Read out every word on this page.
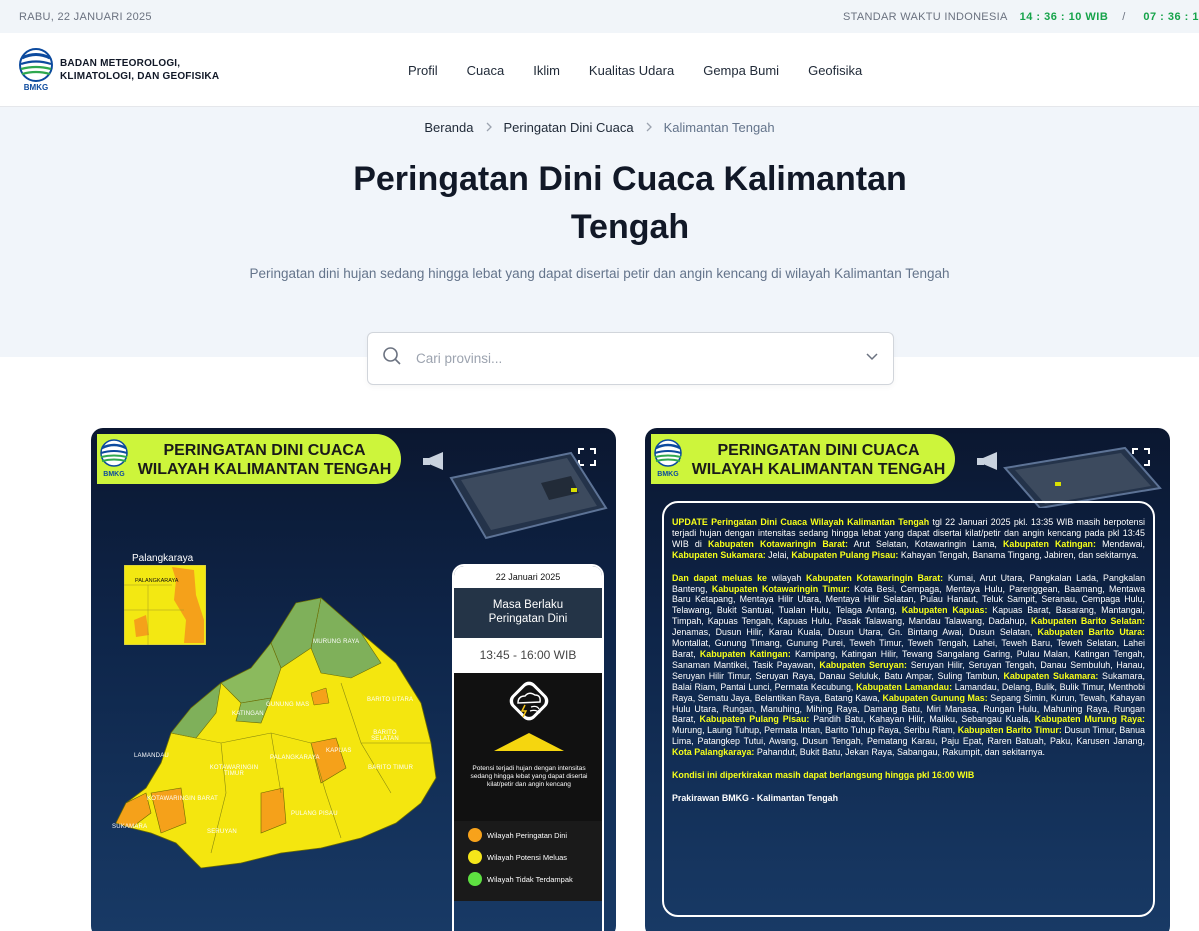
RABU, 22 JANUARI 2025	STANDAR WAKTU INDONESIA 14 : 36 : 10 WIB / 07 : 36 : 1
BMKG
BADAN METEOROLOGI,
KLIMATOLOGI, DAN GEOFISIKA	Profil Cuaca Iklim Kualitas Udara Gempa Bumi Geofisika
Beranda Peringatan Dini Cuaca Kalimantan Tengah
Peringatan Dini Cuaca Kalimantan Tengah

Peringatan dini hujan sedang hingga lebat yang dapat disertai petir dan angin kencang di wilayah Kalimantan Tengah

Cari provinsi...
BMKG
PERINGATAN DINI CUACA
WILAYAH KALIMANTAN TENGAH
Palangkaraya
PALANGKARAYA
MURUNG RAYA
GUNUNG MAS
BARITO UTARA
KATINGAN
BARITO SELATAN
KAPUAS
LAMANDAU	PALANGKARAYA
KOTAWARINGIN TIMUR
BARITO TIMUR
KOTAWARINGIN BARAT
SUKAMARA
PULANG PISAU
SERUYAN
22 Januari 2025
Masa Berlaku
Peringatan Dini
13:45 - 16:00 WIB
Potensi terjadi hujan dengan intensitas sedang hingga lebat yang dapat disertai kilat/petir dan angin kencang
Wilayah Peringatan Dini
Wilayah Potensi Meluas
Wilayah Tidak Terdampak
BMKG
PERINGATAN DINI CUACA
WILAYAH KALIMANTAN TENGAH

UPDATE Peringatan Dini Cuaca Wilayah Kalimantan Tengah tgl 22 Januari 2025 pkl. 13:35 WIB masih berpotensi terjadi hujan dengan intensitas sedang hingga lebat yang dapat disertai kilat/petir dan angin kencang pada pkl 13:45 WIB di Kabupaten Kotawaringin Barat: Arut Selatan, Kotawaringin Lama, Kabupaten Katingan: Mendawai, Kabupaten Sukamara: Jelai, Kabupaten Pulang Pisau: Kahayan Tengah, Banama Tingang, Jabiren, dan sekitarnya.

Dan dapat meluas ke wilayah Kabupaten Kotawaringin Barat: Kumai, Arut Utara, Pangkalan Lada, Pangkalan Banteng, Kabupaten Kotawaringin Timur: Kota Besi, Cempaga, Mentaya Hulu, Parenggean, Baamang, Mentawa Baru Ketapang, Mentaya Hilir Utara, Mentaya Hilir Selatan, Pulau Hanaut, Teluk Sampit, Seranau, Cempaga Hulu, Telawang, Bukit Santuai, Tualan Hulu, Telaga Antang, Kabupaten Kapuas: Kapuas Barat, Basarang, Mantangai, Timpah, Kapuas Tengah, Kapuas Hulu, Pasak Talawang, Mandau Talawang, Dadahup, Kabupaten Barito Selatan: Jenamas, Dusun Hilir, Karau Kuala, Dusun Utara, Gn. Bintang Awai, Dusun Selatan, Kabupaten Barito Utara: Montallat, Gunung Timang, Gunung Purei, Teweh Timur, Teweh Tengah, Lahei, Teweh Baru, Teweh Selatan, Lahei Barat, Kabupaten Katingan: Kamipang, Katingan Hilir, Tewang Sangalang Garing, Pulau Malan, Katingan Tengah, Sanaman Mantikei, Tasik Payawan, Kabupaten Seruyan: Seruyan Hilir, Seruyan Tengah, Danau Sembuluh, Hanau, Seruyan Hilir Timur, Seruyan Raya, Danau Seluluk, Batu Ampar, Suling Tambun, Kabupaten Sukamara: Sukamara, Balai Riam, Pantai Lunci, Permata Kecubung, Kabupaten Lamandau: Lamandau, Delang, Bulik, Bulik Timur, Menthobi Raya, Sematu Jaya, Belantikan Raya, Batang Kawa, Kabupaten Gunung Mas: Sepang Simin, Kurun, Tewah, Kahayan Hulu Utara, Rungan, Manuhing, Mihing Raya, Damang Batu, Miri Manasa, Rungan Hulu, Mahuning Raya, Rungan Barat, Kabupaten Pulang Pisau: Pandih Batu, Kahayan Hilir, Maliku, Sebangau Kuala, Kabupaten Murung Raya: Murung, Laung Tuhup, Permata Intan, Barito Tuhup Raya, Seribu Riam, Kabupaten Barito Timur: Dusun Timur, Banua Lima, Patangkep Tutui, Awang, Dusun Tengah, Pematang Karau, Paju Epat, Raren Batuah, Paku, Karusen Janang, Kota Palangkaraya: Pahandut, Bukit Batu, Jekan Raya, Sabangau, Rakumpit, dan sekitarnya.

Kondisi ini diperkirakan masih dapat berlangsung hingga pkl 16:00 WIB

Prakirawan BMKG - Kalimantan Tengah
